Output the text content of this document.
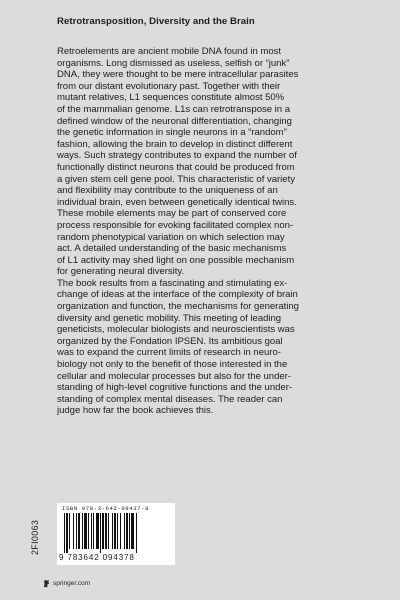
Retrotransposition, Diversity and the Brain
Retroelements are ancient mobile DNA found in most
organisms. Long dismissed as useless, selfish or “junk”
DNA, they were thought to be mere intracellular parasites
from our distant evolutionary past. Together with their
mutant relatives, L1 sequences constitute almost 50%
of the mammalian genome. L1s can retrotranspose in a
defined window of the neuronal differentiation, changing
the genetic information in single neurons in a “random”
fashion, allowing the brain to develop in distinct different
ways. Such strategy contributes to expand the number of
functionally distinct neurons that could be produced from
a given stem cell gene pool. This characteristic of variety
and flexibility may contribute to the uniqueness of an
individual brain, even between genetically identical twins.
These mobile elements may be part of conserved core
process responsible for evoking facilitated complex non-
random phenotypical variation on which selection may
act. A detailed understanding of the basic mechanisms
of L1 activity may shed light on one possible mechanism
for generating neural diversity.
The book results from a fascinating and stimulating ex-
change of ideas at the interface of the complexity of brain
organization and function, the mechanisms for generating
diversity and genetic mobility. This meeting of leading
geneticists, molecular biologists and neuroscientists was
organized by the Fondation IPSEN. Its ambitious goal
was to expand the current limits of research in neuro-
biology not only to the benefit of those interested in the
cellular and molecular processes but also for the under-
standing of high-level cognitive functions and the under-
standing of complex mental diseases. The reader can
judge how far the book achieves this.
ISBN 978-3-642-09437-8
9 783642 094378
2FI0063
springer.com
